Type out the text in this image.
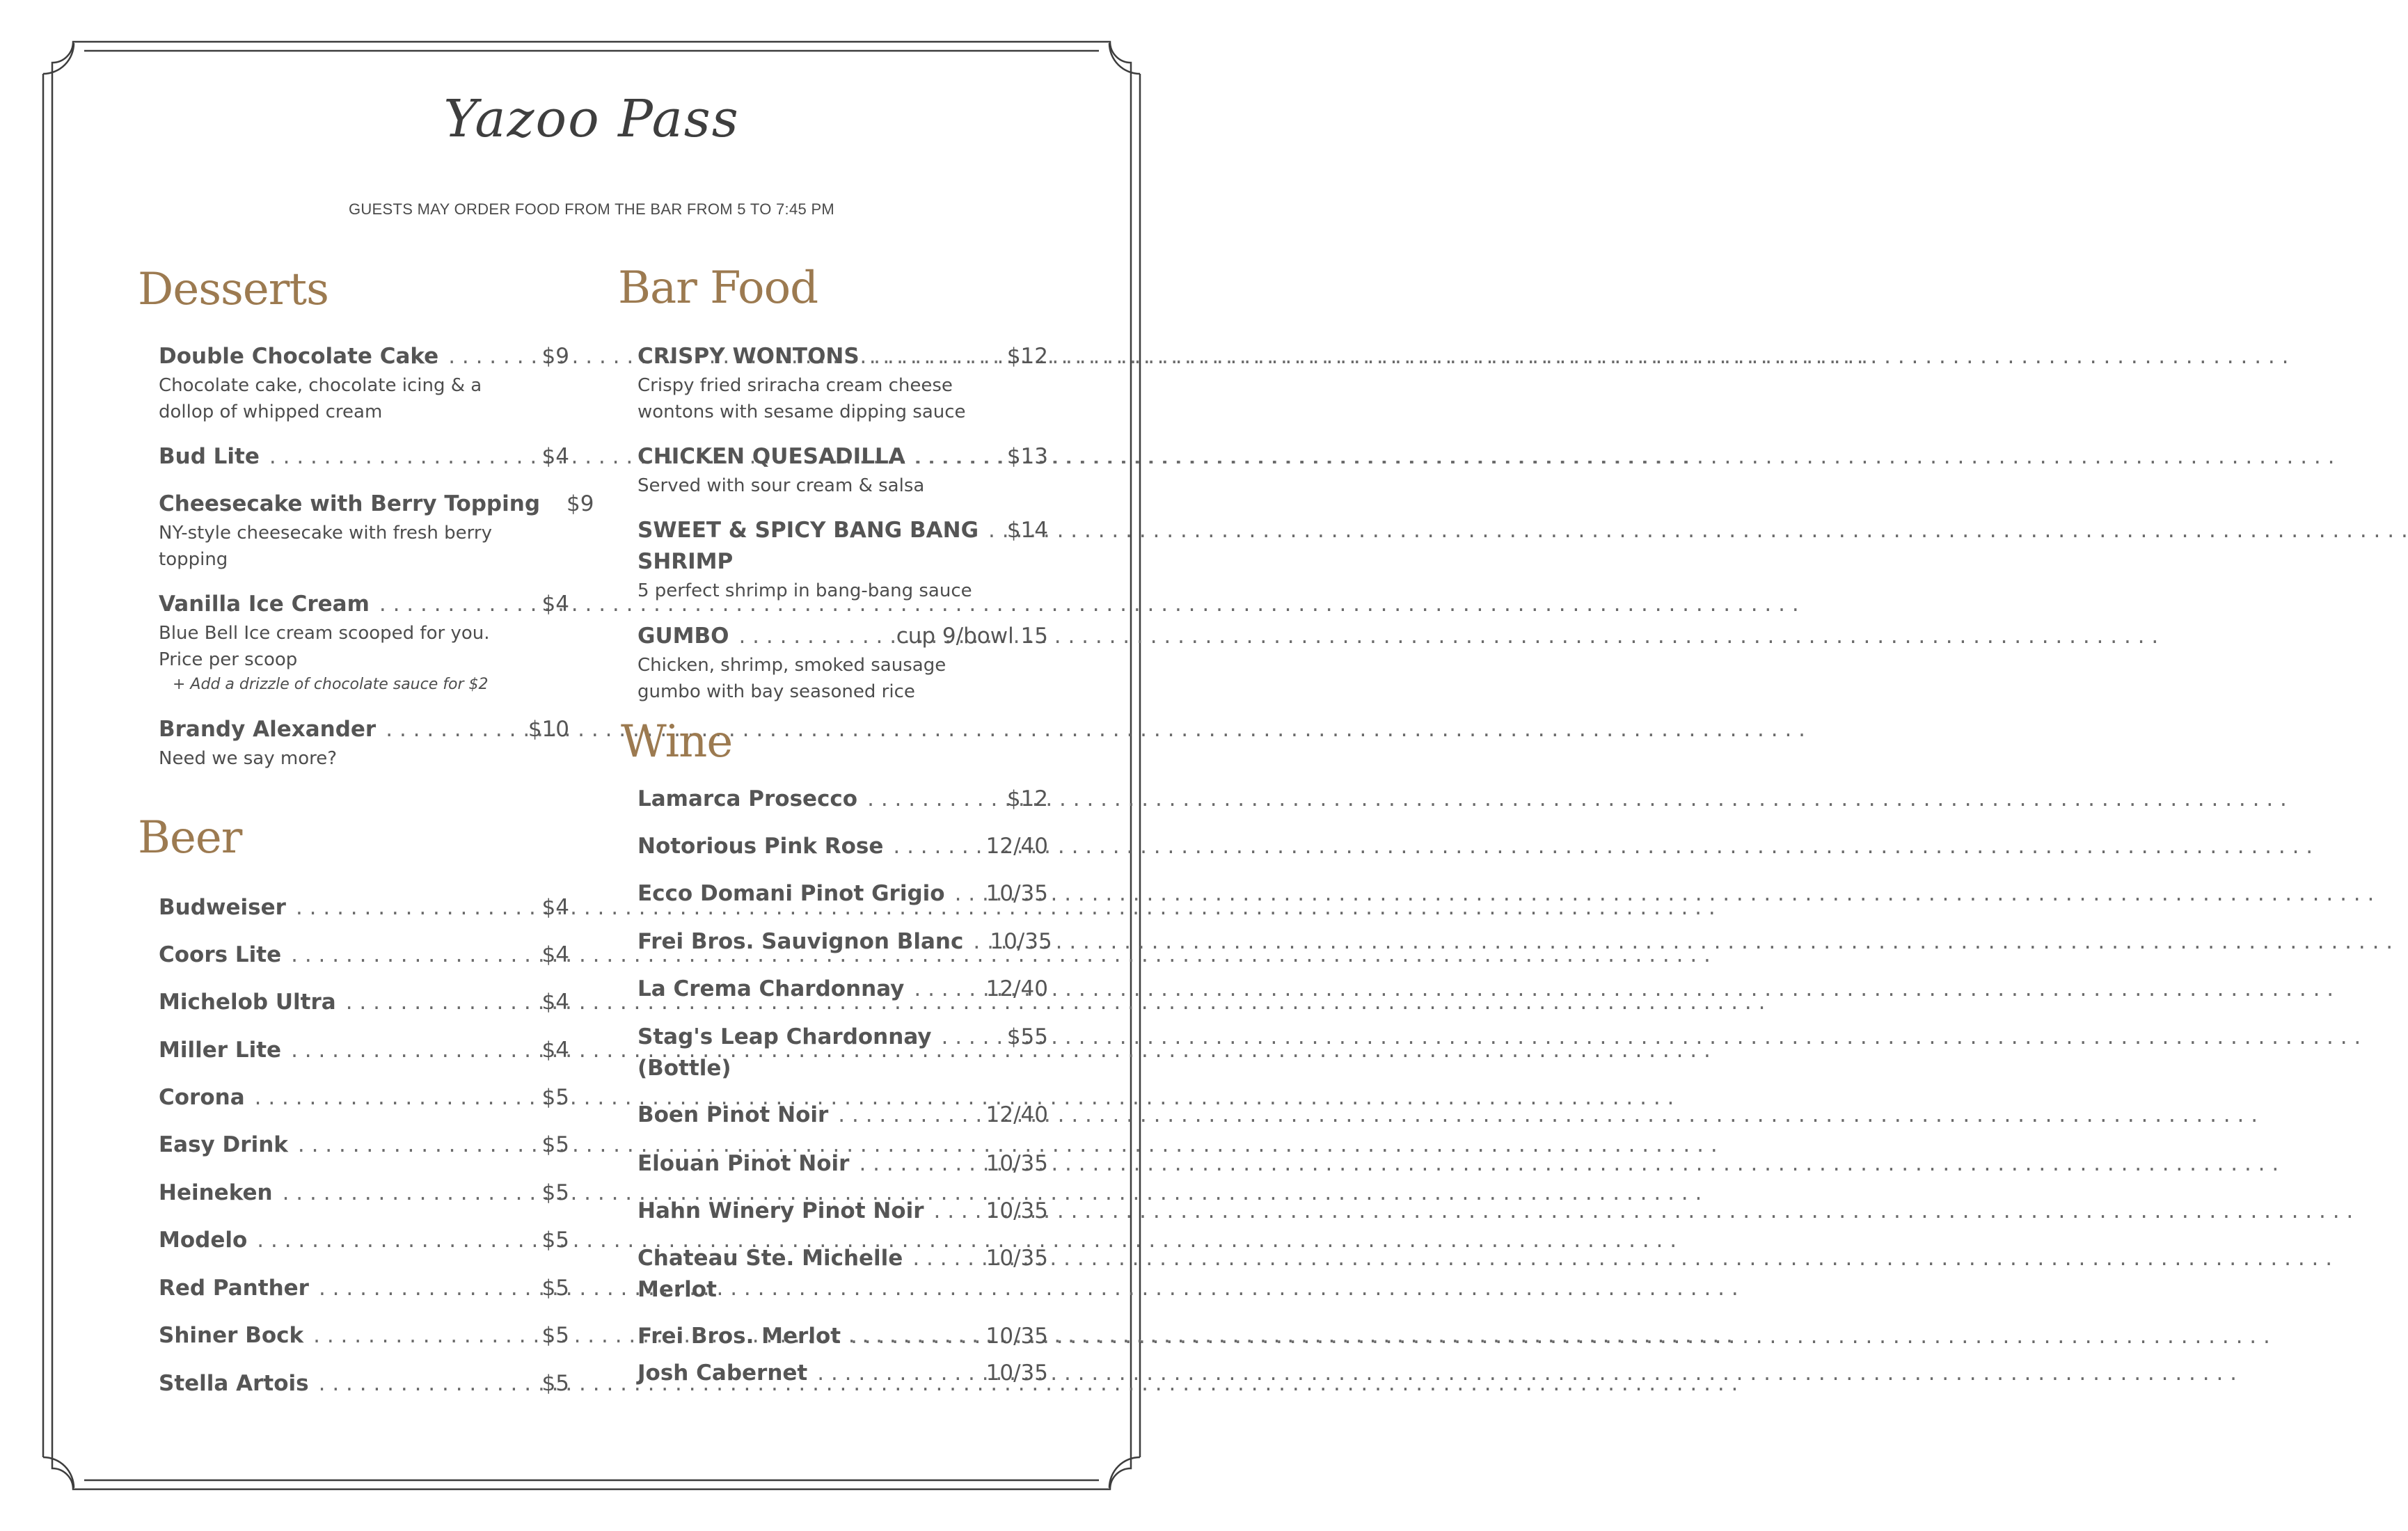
Yazoo Pass
GUESTS MAY ORDER FOOD FROM THE BAR FROM 5 TO 7:45 PM
Desserts
Double Chocolate Cake . . .	$9
Chocolate cake, chocolate icing & a
dollop of whipped cream
Bud Lite . . .	$4
Cheesecake with Berry Topping	$9
NY-style cheesecake with fresh berry
topping
Vanilla Ice Cream . . .	$4
Blue Bell Ice cream scooped for you.
Price per scoop
+ Add a drizzle of chocolate sauce for $2
Brandy Alexander . . .	$10
Need we say more?
Beer
Budweiser . . .	$4
Coors Lite . . .	$4
Michelob Ultra . . .	$4
Miller Lite . . .	$4
Corona . . .	$5
Easy Drink . . .	$5
Heineken . . .	$5
Modelo . . .	$5
Red Panther . . .	$5
Shiner Bock . . .	$5
Stella Artois . . .	$5
Bar Food
CRISPY WONTONS . . .	$12
Crispy fried sriracha cream cheese
wontons with sesame dipping sauce
CHICKEN QUESADILLA . . .	$13
Served with sour cream & salsa
SWEET & SPICY BANG BANG . . .	$14
SHRIMP
5 perfect shrimp in bang-bang sauce
GUMBO . . .	cup 9/bowl 15
Chicken, shrimp, smoked sausage
gumbo with bay seasoned rice
Wine
Lamarca Prosecco . . .	$12
Notorious Pink Rose . . .	12/40
Ecco Domani Pinot Grigio . . .	10/35
Frei Bros. Sauvignon Blanc . . .	10/35
La Crema Chardonnay . . .	12/40
Stag's Leap Chardonnay . . .	$55
(Bottle)
Boen Pinot Noir . . .	12/40
Elouan Pinot Noir . . .	10/35
Hahn Winery Pinot Noir . . .	10/35
Chateau Ste. Michelle . . .	10/35
Merlot
Frei Bros. Merlot . . .	10/35
Josh Cabernet . . .	10/35
